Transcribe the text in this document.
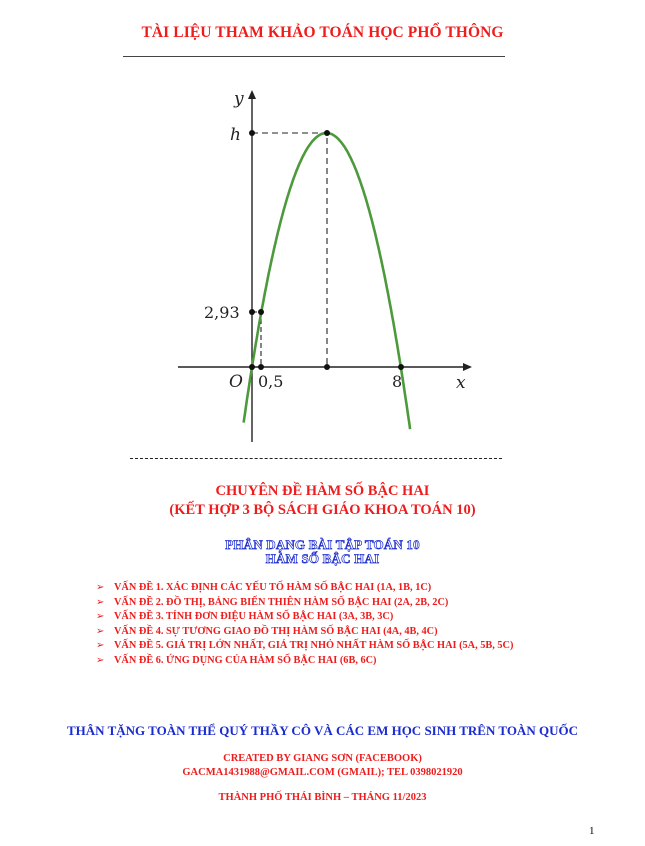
TÀI LIỆU THAM KHẢO TOÁN HỌC PHỔ THÔNG
y
x
h
2,93
O 0,5	8
CHUYÊN ĐỀ HÀM SỐ BẬC HAI
(KẾT HỢP 3 BỘ SÁCH GIÁO KHOA TOÁN 10)
PHÂN DẠNG BÀI TẬP TOÁN 10
HÀM SỐ BẬC HAI
➢ VẤN ĐỀ 1. XÁC ĐỊNH CÁC YẾU TỐ HÀM SỐ BẬC HAI (1A, 1B, 1C)
➢ VẤN ĐỀ 2. ĐỒ THỊ, BẢNG BIẾN THIÊN HÀM SỐ BẬC HAI (2A, 2B, 2C)
➢ VẤN ĐỀ 3. TÍNH ĐƠN ĐIỆU HÀM SỐ BẬC HAI (3A, 3B, 3C)
➢ VẤN ĐỀ 4. SỰ TƯƠNG GIAO ĐỒ THỊ HÀM SỐ BẬC HAI (4A, 4B, 4C)
➢ VẤN ĐỀ 5. GIÁ TRỊ LỚN NHẤT, GIÁ TRỊ NHỎ NHẤT HÀM SỐ BẬC HAI (5A, 5B, 5C)
➢ VẤN ĐỀ 6. ỨNG DỤNG CỦA HÀM SỐ BẬC HAI (6B, 6C)
THÂN TẶNG TOÀN THỂ QUÝ THẦY CÔ VÀ CÁC EM HỌC SINH TRÊN TOÀN QUỐC
CREATED BY GIANG SƠN (FACEBOOK)
GACMA1431988@GMAIL.COM (GMAIL); TEL 0398021920
THÀNH PHỐ THÁI BÌNH – THÁNG 11/2023
1
